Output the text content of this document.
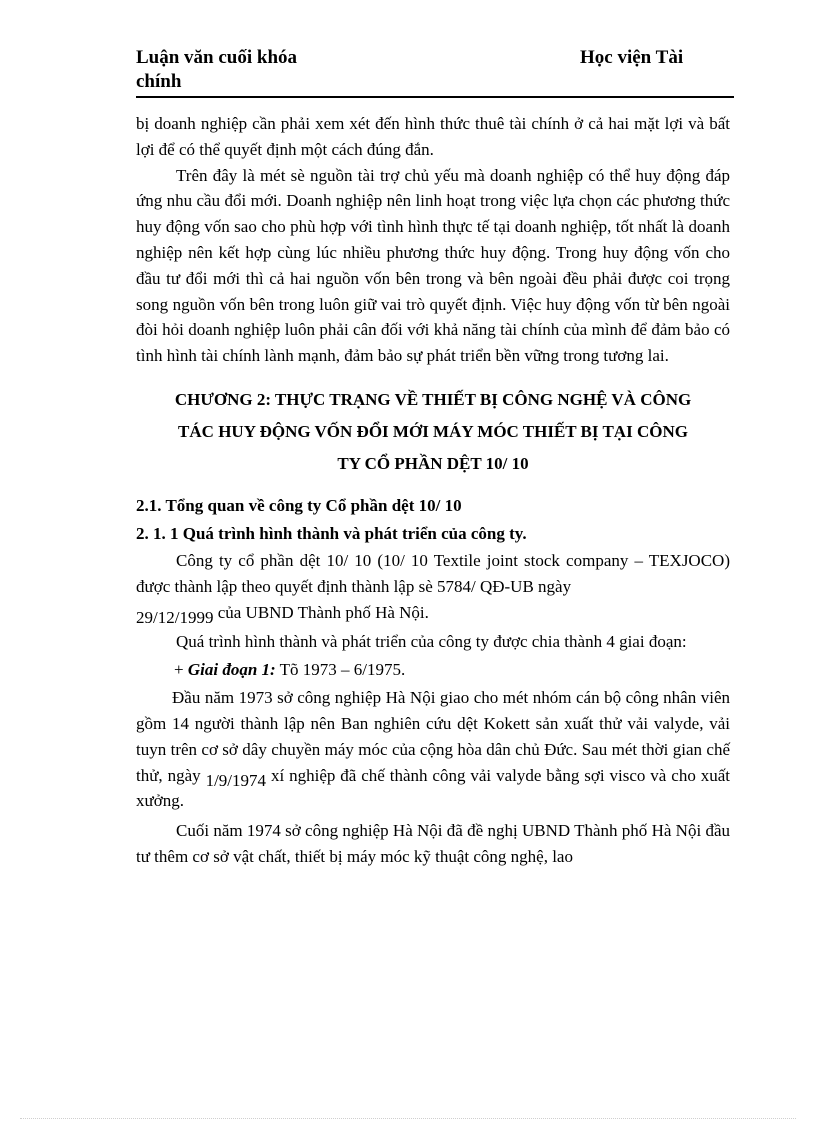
Luận văn cuối khóa chính
Học viện Tài

bị doanh nghiệp cần phải xem xét đến hình thức thuê tài chính ở cả hai mặt lợi và bất lợi để có thể quyết định một cách đúng đắn.

Trên đây là mét sè nguồn tài trợ chủ yếu mà doanh nghiệp có thể huy động đáp ứng nhu cầu đổi mới. Doanh nghiệp nên linh hoạt trong việc lựa chọn các phương thức huy động vốn sao cho phù hợp với tình hình thực tế tại doanh nghiệp, tốt nhất là doanh nghiệp nên kết hợp cùng lúc nhiều phương thức huy động. Trong huy động vốn cho đầu tư đổi mới thì cả hai nguồn vốn bên trong và bên ngoài đều phải được coi trọng song nguồn vốn bên trong luôn giữ vai trò quyết định. Việc huy động vốn từ bên ngoài đòi hỏi doanh nghiệp luôn phải cân đối với khả năng tài chính của mình để đảm bảo có tình hình tài chính lành mạnh, đảm bảo sự phát triển bền vững trong tương lai.

CHƯƠNG 2: THỰC TRẠNG VỀ THIẾT BỊ CÔNG NGHỆ VÀ CÔNG
TÁC HUY ĐỘNG VỐN ĐỔI MỚI MÁY MÓC THIẾT BỊ TẠI CÔNG
TY CỔ PHẦN DỆT 10/ 10

2.1. Tổng quan về công ty Cổ phần dệt 10/ 10

2. 1. 1 Quá trình hình thành và phát triển của công ty.

Công ty cổ phần dệt 10/ 10 (10/ 10 Textile joint stock company – TEXJOCO) được thành lập theo quyết định thành lập sè 5784/ QĐ-UB ngày
29/12/1999 của UBND Thành phố Hà Nội.

Quá trình hình thành và phát triển của công ty được chia thành 4 giai đoạn:

+ Giai đoạn 1: Tõ 1973 – 6/1975.

Đầu năm 1973 sở công nghiệp Hà Nội giao cho mét nhóm cán bộ công nhân viên gồm 14 người thành lập nên Ban nghiên cứu dệt Kokett sản xuất thử vải valyde, vải tuyn trên cơ sở dây chuyền máy móc của cộng hòa dân chủ Đức. Sau mét thời gian chế thử, ngày 1/9/1974 xí nghiệp đã chế thành công vải valyde bằng sợi visco và cho xuất xưởng.

Cuối năm 1974 sở công nghiệp Hà Nội đã đề nghị UBND Thành phố Hà Nội đầu tư thêm cơ sở vật chất, thiết bị máy móc kỹ thuật công nghệ, lao
